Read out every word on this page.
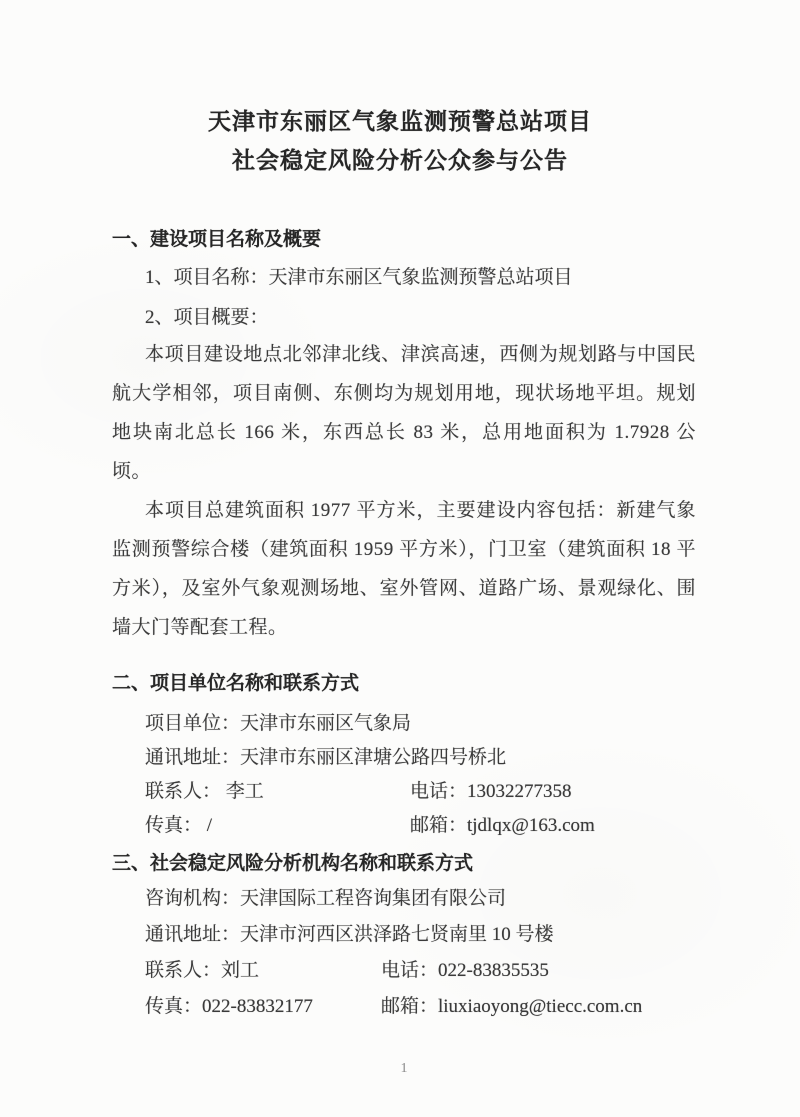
天津市东丽区气象监测预警总站项目
社会稳定风险分析公众参与公告
一、建设项目名称及概要
1、项目名称：天津市东丽区气象监测预警总站项目
2、项目概要：

本项目建设地点北邻津北线、津滨高速，西侧为规划路与中国民航大学相邻，项目南侧、东侧均为规划用地，现状场地平坦。规划地块南北总长 166 米，东西总长 83 米，总用地面积为 1.7928 公顷。

本项目总建筑面积 1977 平方米，主要建设内容包括：新建气象监测预警综合楼（建筑面积 1959 平方米），门卫室（建筑面积 18 平方米），及室外气象观测场地、室外管网、道路广场、景观绿化、围墙大门等配套工程。

二、项目单位名称和联系方式
项目单位：天津市东丽区气象局
通讯地址：天津市东丽区津塘公路四号桥北
联系人： 李工	电话：13032277358
传真： /	邮箱：tjdlqx@163.com
三、社会稳定风险分析机构名称和联系方式
咨询机构：天津国际工程咨询集团有限公司
通讯地址：天津市河西区洪泽路七贤南里 10 号楼
联系人：刘工	电话：022-83835535
传真：022-83832177	邮箱：liuxiaoyong@tiecc.com.cn
1
